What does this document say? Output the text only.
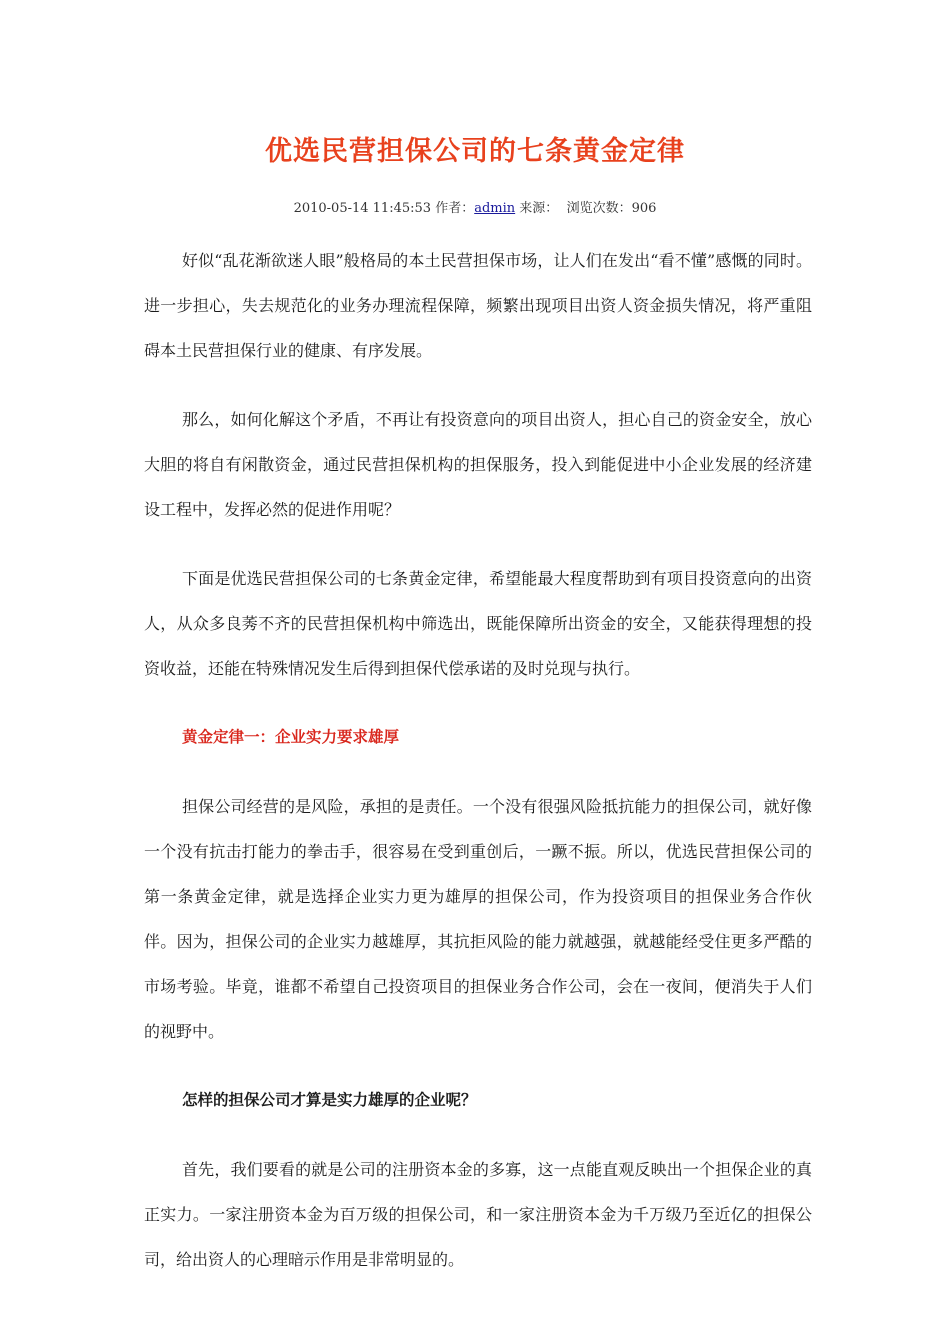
优选民营担保公司的七条黄金定律
2010-05-14 11:45:53 作者：admin 来源： 浏览次数：906

好似“乱花渐欲迷人眼”般格局的本土民营担保市场，让人们在发出“看不懂”感慨的同时。进一步担心，失去规范化的业务办理流程保障，频繁出现项目出资人资金损失情况，将严重阻碍本土民营担保行业的健康、有序发展。

那么，如何化解这个矛盾，不再让有投资意向的项目出资人，担心自己的资金安全，放心大胆的将自有闲散资金，通过民营担保机构的担保服务，投入到能促进中小企业发展的经济建设工程中，发挥必然的促进作用呢？

下面是优选民营担保公司的七条黄金定律，希望能最大程度帮助到有项目投资意向的出资人，从众多良莠不齐的民营担保机构中筛选出，既能保障所出资金的安全，又能获得理想的投资收益，还能在特殊情况发生后得到担保代偿承诺的及时兑现与执行。

黄金定律一：企业实力要求雄厚

担保公司经营的是风险，承担的是责任。一个没有很强风险抵抗能力的担保公司，就好像一个没有抗击打能力的拳击手，很容易在受到重创后，一蹶不振。所以，优选民营担保公司的第一条黄金定律，就是选择企业实力更为雄厚的担保公司，作为投资项目的担保业务合作伙伴。因为，担保公司的企业实力越雄厚，其抗拒风险的能力就越强，就越能经受住更多严酷的市场考验。毕竟，谁都不希望自己投资项目的担保业务合作公司，会在一夜间，便消失于人们的视野中。

怎样的担保公司才算是实力雄厚的企业呢？

首先，我们要看的就是公司的注册资本金的多寡，这一点能直观反映出一个担保企业的真正实力。一家注册资本金为百万级的担保公司，和一家注册资本金为千万级乃至近亿的担保公司，给出资人的心理暗示作用是非常明显的。
